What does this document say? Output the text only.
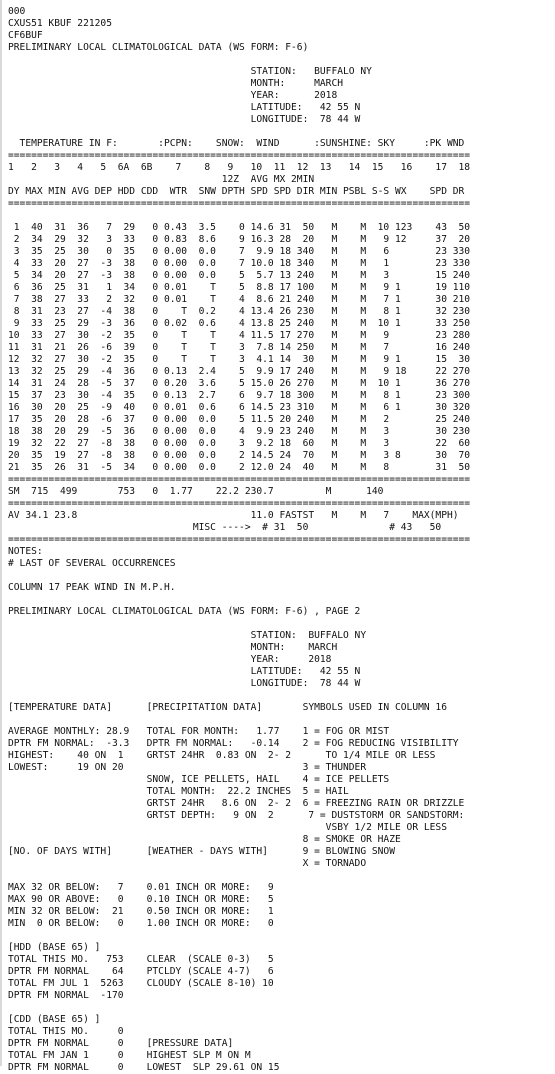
000
CXUS51 KBUF 221205
CF6BUF
PRELIMINARY LOCAL CLIMATOLOGICAL DATA (WS FORM: F-6)
STATION:   BUFFALO NY
MONTH:     MARCH
YEAR:      2018
LATITUDE:   42 55 N
LONGITUDE:  78 44 W
TEMPERATURE IN F:       :PCPN:    SNOW:  WIND      :SUNSHINE: SKY     :PK WND
================================================================================
1   2   3   4   5  6A  6B    7    8   9   10  11  12  13   14  15   16    17  18
12Z  AVG MX 2MIN
DY MAX MIN AVG DEP HDD CDD  WTR  SNW DPTH SPD SPD DIR MIN PSBL S-S WX    SPD DR
================================================================================
1  40  31  36   7  29   0 0.43  3.5    0 14.6 31  50   M    M  10 123    43  50
2  34  29  32   3  33   0 0.83  8.6    9 16.3 28  20   M    M   9 12     37  20
3  35  25  30   0  35   0 0.00  0.0    7  9.9 18 340   M    M   6        23 330
4  33  20  27  -3  38   0 0.00  0.0    7 10.0 18 340   M    M   1        23 330
5  34  20  27  -3  38   0 0.00  0.0    5  5.7 13 240   M    M   3        15 240
6  36  25  31   1  34   0 0.01    T    5  8.8 17 100   M    M   9 1      19 110
7  38  27  33   2  32   0 0.01    T    4  8.6 21 240   M    M   7 1      30 210
8  31  23  27  -4  38   0    T  0.2    4 13.4 26 230   M    M   8 1      32 230
9  33  25  29  -3  36   0 0.02  0.6    4 13.8 25 240   M    M  10 1      33 250
10  33  27  30  -2  35   0    T    T    4 11.5 17 270   M    M   9        23 280
11  31  21  26  -6  39   0    T    T    3  7.8 14 250   M    M   7        16 240
12  32  27  30  -2  35   0    T    T    3  4.1 14  30   M    M   9 1      15  30
13  32  25  29  -4  36   0 0.13  2.4    5  9.9 17 240   M    M   9 18     22 270
14  31  24  28  -5  37   0 0.20  3.6    5 15.0 26 270   M    M  10 1      36 270
15  37  23  30  -4  35   0 0.13  2.7    6  9.7 18 300   M    M   8 1      23 300
16  30  20  25  -9  40   0 0.01  0.6    6 14.5 23 310   M    M   6 1      30 320
17  35  20  28  -6  37   0 0.00  0.0    5 11.5 20 240   M    M   2        25 240
18  38  20  29  -5  36   0 0.00  0.0    4  9.9 23 240   M    M   3        30 230
19  32  22  27  -8  38   0 0.00  0.0    3  9.2 18  60   M    M   3        22  60
20  35  19  27  -8  38   0 0.00  0.0    2 14.5 24  70   M    M   3 8      30  70
21  35  26  31  -5  34   0 0.00  0.0    2 12.0 24  40   M    M   8        31  50
================================================================================
SM  715  499       753   0  1.77    22.2 230.7         M      140
================================================================================
AV 34.1 23.8                              11.0 FASTST   M    M   7    MAX(MPH)
MISC ---->  # 31  50              # 43   50
================================================================================
NOTES:
# LAST OF SEVERAL OCCURRENCES
COLUMN 17 PEAK WIND IN M.P.H.
PRELIMINARY LOCAL CLIMATOLOGICAL DATA (WS FORM: F-6) , PAGE 2
STATION:  BUFFALO NY
MONTH:    MARCH
YEAR:     2018
LATITUDE:   42 55 N
LONGITUDE:  78 44 W
[TEMPERATURE DATA]      [PRECIPITATION DATA]       SYMBOLS USED IN COLUMN 16
AVERAGE MONTHLY: 28.9   TOTAL FOR MONTH:   1.77    1 = FOG OR MIST
DPTR FM NORMAL:  -3.3   DPTR FM NORMAL:   -0.14    2 = FOG REDUCING VISIBILITY
HIGHEST:    40 ON  1    GRTST 24HR  0.83 ON  2- 2      TO 1/4 MILE OR LESS
LOWEST:     19 ON 20                               3 = THUNDER
SNOW, ICE PELLETS, HAIL    4 = ICE PELLETS
TOTAL MONTH:  22.2 INCHES  5 = HAIL
GRTST 24HR   8.6 ON  2- 2  6 = FREEZING RAIN OR DRIZZLE
GRTST DEPTH:   9 ON  2      7 = DUSTSTORM OR SANDSTORM:
VSBY 1/2 MILE OR LESS
8 = SMOKE OR HAZE
[NO. OF DAYS WITH]      [WEATHER - DAYS WITH]      9 = BLOWING SNOW
X = TORNADO
MAX 32 OR BELOW:   7    0.01 INCH OR MORE:   9
MAX 90 OR ABOVE:   0    0.10 INCH OR MORE:   5
MIN 32 OR BELOW:  21    0.50 INCH OR MORE:   1
MIN  0 OR BELOW:   0    1.00 INCH OR MORE:   0
[HDD (BASE 65) ]
TOTAL THIS MO.   753    CLEAR  (SCALE 0-3)   5
DPTR FM NORMAL    64    PTCLDY (SCALE 4-7)   6
TOTAL FM JUL 1  5263    CLOUDY (SCALE 8-10) 10
DPTR FM NORMAL  -170
[CDD (BASE 65) ]
TOTAL THIS MO.     0
DPTR FM NORMAL     0    [PRESSURE DATA]
TOTAL FM JAN 1     0    HIGHEST SLP M ON M
DPTR FM NORMAL     0    LOWEST  SLP 29.61 ON 15
